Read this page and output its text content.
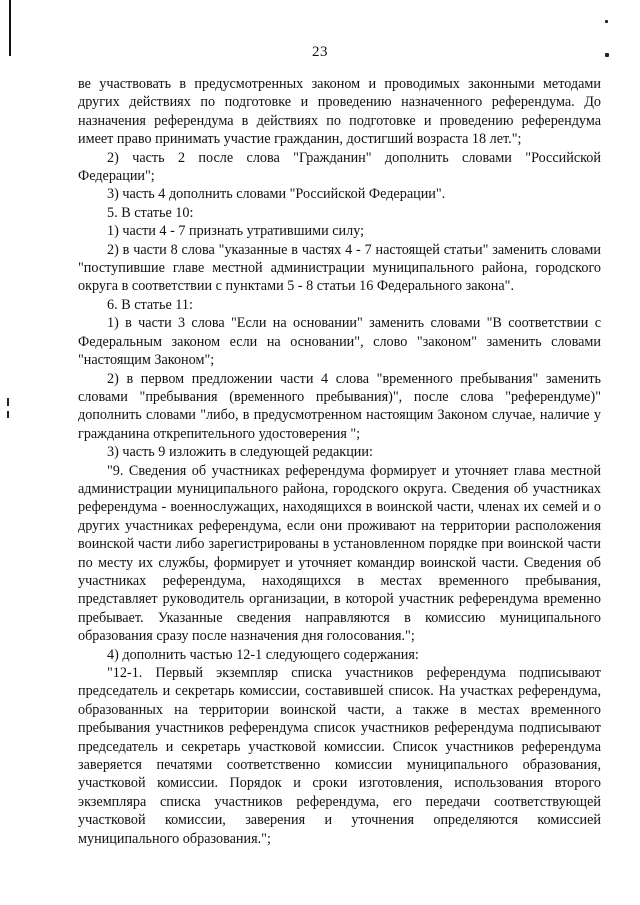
23

ве участвовать в предусмотренных законом и проводимых законными методами других действиях по подготовке и проведению назначенного референдума. До назначения референдума в действиях по подготовке и проведению референдума имеет право принимать участие гражданин, достигший возраста 18 лет.";

2) часть 2 после слова "Гражданин" дополнить словами "Российской Федерации";

3) часть 4 дополнить словами "Российской Федерации".

5. В статье 10:

1) части 4 - 7 признать утратившими силу;

2) в части 8 слова "указанные в частях 4 - 7 настоящей статьи" заменить словами "поступившие главе местной администрации муниципального района, городского округа в соответствии с пунктами 5 - 8 статьи 16 Федерального закона".

6. В статье 11:

1) в части 3 слова "Если на основании" заменить словами "В соответствии с Федеральным законом если на основании", слово "законом" заменить словами "настоящим Законом";

2) в первом предложении части 4 слова "временного пребывания" заменить словами "пребывания (временного пребывания)", после слова "референдуме)" дополнить словами "либо, в предусмотренном настоящим Законом случае, наличие у гражданина открепительного удостоверения ";

3) часть 9 изложить в следующей редакции:

"9. Сведения об участниках референдума формирует и уточняет глава местной администрации муниципального района, городского округа. Сведения об участниках референдума - военнослужащих, находящихся в воинской части, членах их семей и о других участниках референдума, если они проживают на территории расположения воинской части либо зарегистрированы в установленном порядке при воинской части по месту их службы, формирует и уточняет командир воинской части. Сведения об участниках референдума, находящихся в местах временного пребывания, представляет руководитель организации, в которой участник референдума временно пребывает. Указанные сведения направляются в комиссию муниципального образования сразу после назначения дня голосования.";

4) дополнить частью 12-1 следующего содержания:

"12-1. Первый экземпляр списка участников референдума подписывают председатель и секретарь комиссии, составившей список. На участках референдума, образованных на территории воинской части, а также в местах временного пребывания участников референдума список участников референдума подписывают председатель и секретарь участковой комиссии. Список участников референдума заверяется печатями соответственно комиссии муниципального образования, участковой комиссии. Порядок и сроки изготовления, использования второго экземпляра списка участников референдума, его передачи соответствующей участковой комиссии, заверения и уточнения определяются комиссией муниципального образования.";
